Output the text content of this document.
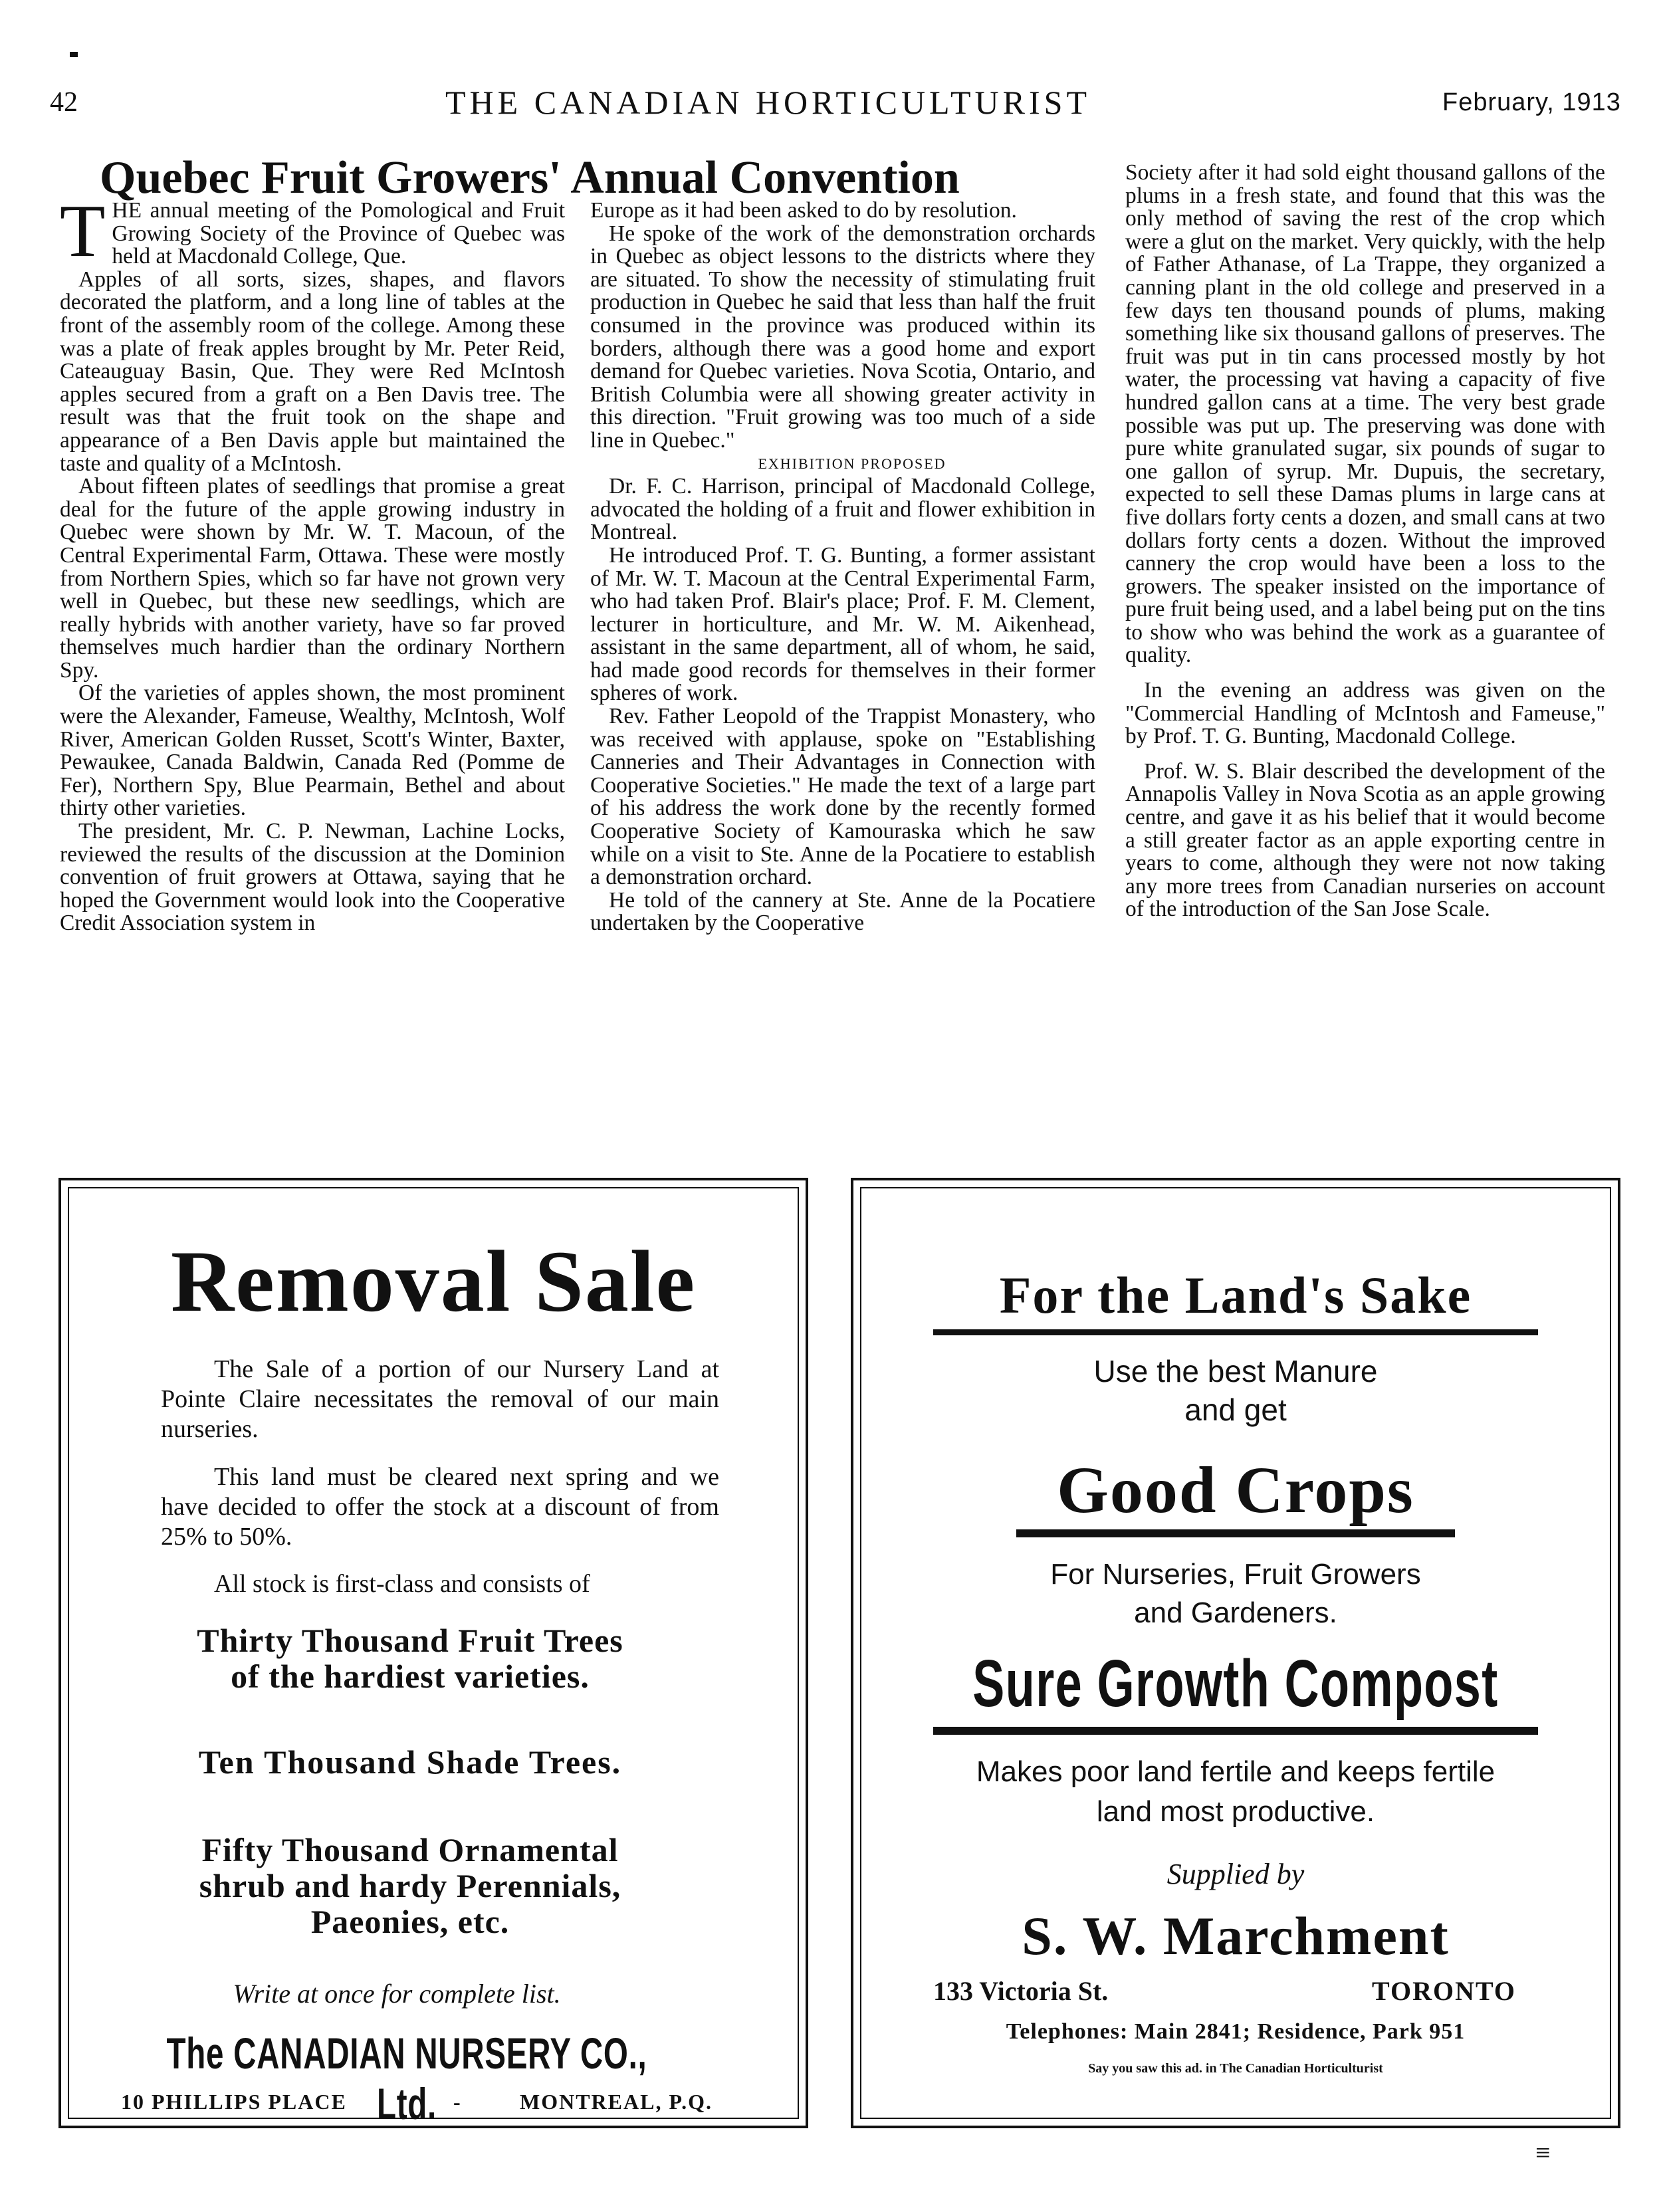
42	THE CANADIAN HORTICULTURIST	February, 1913
Quebec Fruit Growers' Annual Convention
T HE annual meeting of the Pomological and Fruit Growing Society of the Province of Quebec was held at Macdonald College, Que.

Apples of all sorts, sizes, shapes, and flavors decorated the platform, and a long line of tables at the front of the assembly room of the college. Among these was a plate of freak apples brought by Mr. Peter Reid, Cateauguay Basin, Que. They were Red McIntosh apples secured from a graft on a Ben Davis tree. The result was that the fruit took on the shape and appearance of a Ben Davis apple but maintained the taste and quality of a McIntosh.

About fifteen plates of seedlings that promise a great deal for the future of the apple growing industry in Quebec were shown by Mr. W. T. Macoun, of the Central Experimental Farm, Ottawa. These were mostly from Northern Spies, which so far have not grown very well in Quebec, but these new seedlings, which are really hybrids with another variety, have so far proved themselves much hardier than the ordinary Northern Spy.

Of the varieties of apples shown, the most prominent were the Alexander, Fameuse, Wealthy, McIntosh, Wolf River, American Golden Russet, Scott's Winter, Baxter, Pewaukee, Canada Baldwin, Canada Red (Pomme de Fer), Northern Spy, Blue Pearmain, Bethel and about thirty other varieties.

The president, Mr. C. P. Newman, Lachine Locks, reviewed the results of the discussion at the Dominion convention of fruit growers at Ottawa, saying that he hoped the Government would look into the Cooperative Credit Association system in

Europe as it had been asked to do by resolution.

He spoke of the work of the demonstration orchards in Quebec as object lessons to the districts where they are situated. To show the necessity of stimulating fruit production in Quebec he said that less than half the fruit consumed in the province was produced within its borders, although there was a good home and export demand for Quebec varieties. Nova Scotia, Ontario, and British Columbia were all showing greater activity in this direction. "Fruit growing was too much of a side line in Quebec."

EXHIBITION PROPOSED

Dr. F. C. Harrison, principal of Macdonald College, advocated the holding of a fruit and flower exhibition in Montreal.

He introduced Prof. T. G. Bunting, a former assistant of Mr. W. T. Macoun at the Central Experimental Farm, who had taken Prof. Blair's place; Prof. F. M. Clement, lecturer in horticulture, and Mr. W. M. Aikenhead, assistant in the same department, all of whom, he said, had made good records for themselves in their former spheres of work.

Rev. Father Leopold of the Trappist Monastery, who was received with applause, spoke on "Establishing Canneries and Their Advantages in Connection with Cooperative Societies." He made the text of a large part of his address the work done by the recently formed Cooperative Society of Kamouraska which he saw while on a visit to Ste. Anne de la Pocatiere to establish a demonstration orchard.

He told of the cannery at Ste. Anne de la Pocatiere undertaken by the Cooperative

Society after it had sold eight thousand gallons of the plums in a fresh state, and found that this was the only method of saving the rest of the crop which were a glut on the market. Very quickly, with the help of Father Athanase, of La Trappe, they organized a canning plant in the old college and preserved in a few days ten thousand pounds of plums, making something like six thousand gallons of preserves. The fruit was put in tin cans processed mostly by hot water, the processing vat having a capacity of five hundred gallon cans at a time. The very best grade possible was put up. The preserving was done with pure white granulated sugar, six pounds of sugar to one gallon of syrup. Mr. Dupuis, the secretary, expected to sell these Damas plums in large cans at five dollars forty cents a dozen, and small cans at two dollars forty cents a dozen. Without the improved cannery the crop would have been a loss to the growers. The speaker insisted on the importance of pure fruit being used, and a label being put on the tins to show who was behind the work as a guarantee of quality.

In the evening an address was given on the "Commercial Handling of McIntosh and Fameuse," by Prof. T. G. Bunting, Macdonald College.

Prof. W. S. Blair described the development of the Annapolis Valley in Nova Scotia as an apple growing centre, and gave it as his belief that it would become a still greater factor as an apple exporting centre in years to come, although they were not now taking any more trees from Canadian nurseries on account of the introduction of the San Jose Scale.

Removal Sale
The Sale of a portion of our Nursery Land at Pointe Claire necessitates the removal of our main nurseries.
This land must be cleared next spring and we have decided to offer the stock at a discount of from 25% to 50%.
All stock is first-class and consists of
Thirty Thousand Fruit Trees of the hardiest varieties.
Ten Thousand Shade Trees.
Fifty Thousand Ornamental shrub and hardy Perennials, Paeonies, etc.
Write at once for complete list.
The CANADIAN NURSERY CO., Ltd.
10 PHILLIPS PLACE	-	MONTREAL, P.Q.
For the Land's Sake
Use the best Manure
and get
Good Crops
For Nurseries, Fruit Growers
and Gardeners.
Sure Growth Compost
Makes poor land fertile and keeps fertile
land most productive.
Supplied by
S. W. Marchment
133 Victoria St.	TORONTO
Telephones: Main 2841; Residence, Park 951
Say you saw this ad. in The Canadian Horticulturist
≡
